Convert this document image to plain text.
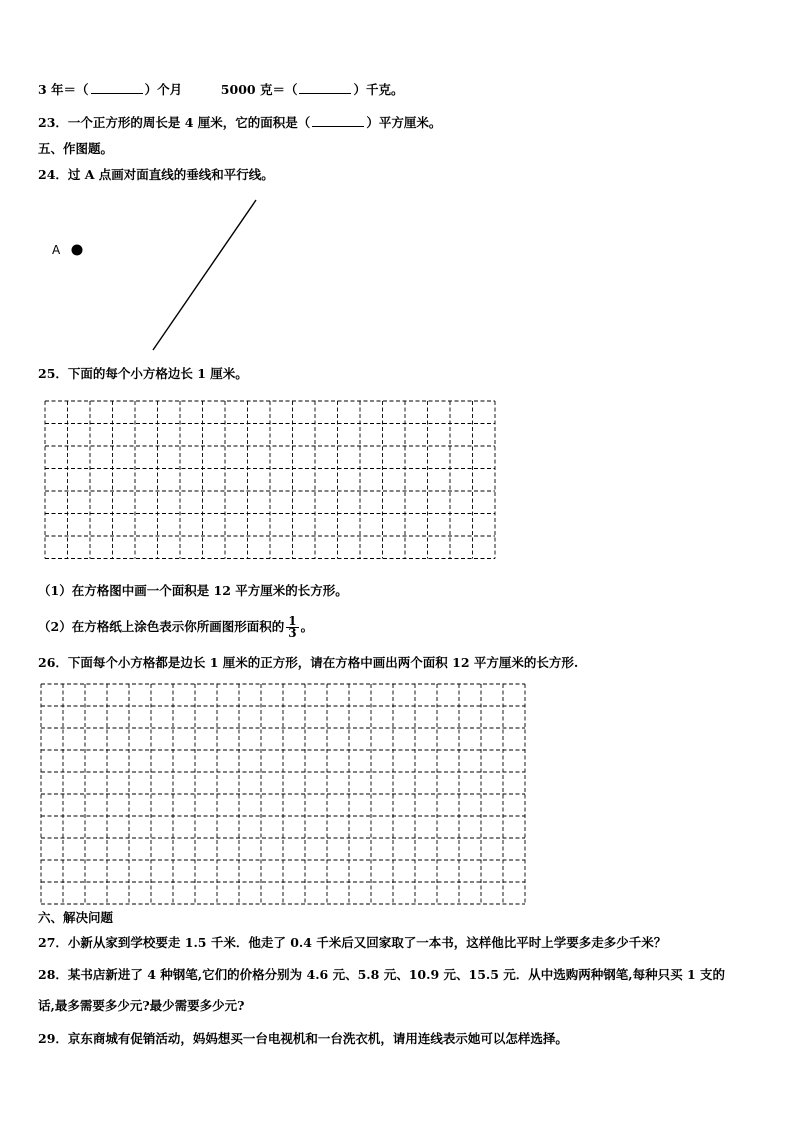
3 年＝（	）个月	5000 克＝（	）千克。
23．一个正方形的周长是 4 厘米，它的面积是（	）平方厘米。
五、作图题。
24．过 A 点画对面直线的垂线和平行线。
A
25．下面的每个小方格边长 1 厘米。
（1）在方格图中画一个面积是 12 平方厘米的长方形。
（2）在方格纸上涂色表示你所画图形面积的 $\frac{1}{3}$ 。
26．下面每个小方格都是边长 1 厘米的正方形，请在方格中画出两个面积 12 平方厘米的长方形.
六、解决问题
27．小新从家到学校要走 1.5 千米．他走了 0.4 千米后又回家取了一本书，这样他比平时上学要多走多少千米？
28．某书店新进了 4 种钢笔,它们的价格分别为 4.6 元、5.8 元、10.9 元、15.5 元．从中选购两种钢笔,每种只买 1 支的
话,最多需要多少元?最少需要多少元?
29．京东商城有促销活动，妈妈想买一台电视机和一台洗衣机，请用连线表示她可以怎样选择。
